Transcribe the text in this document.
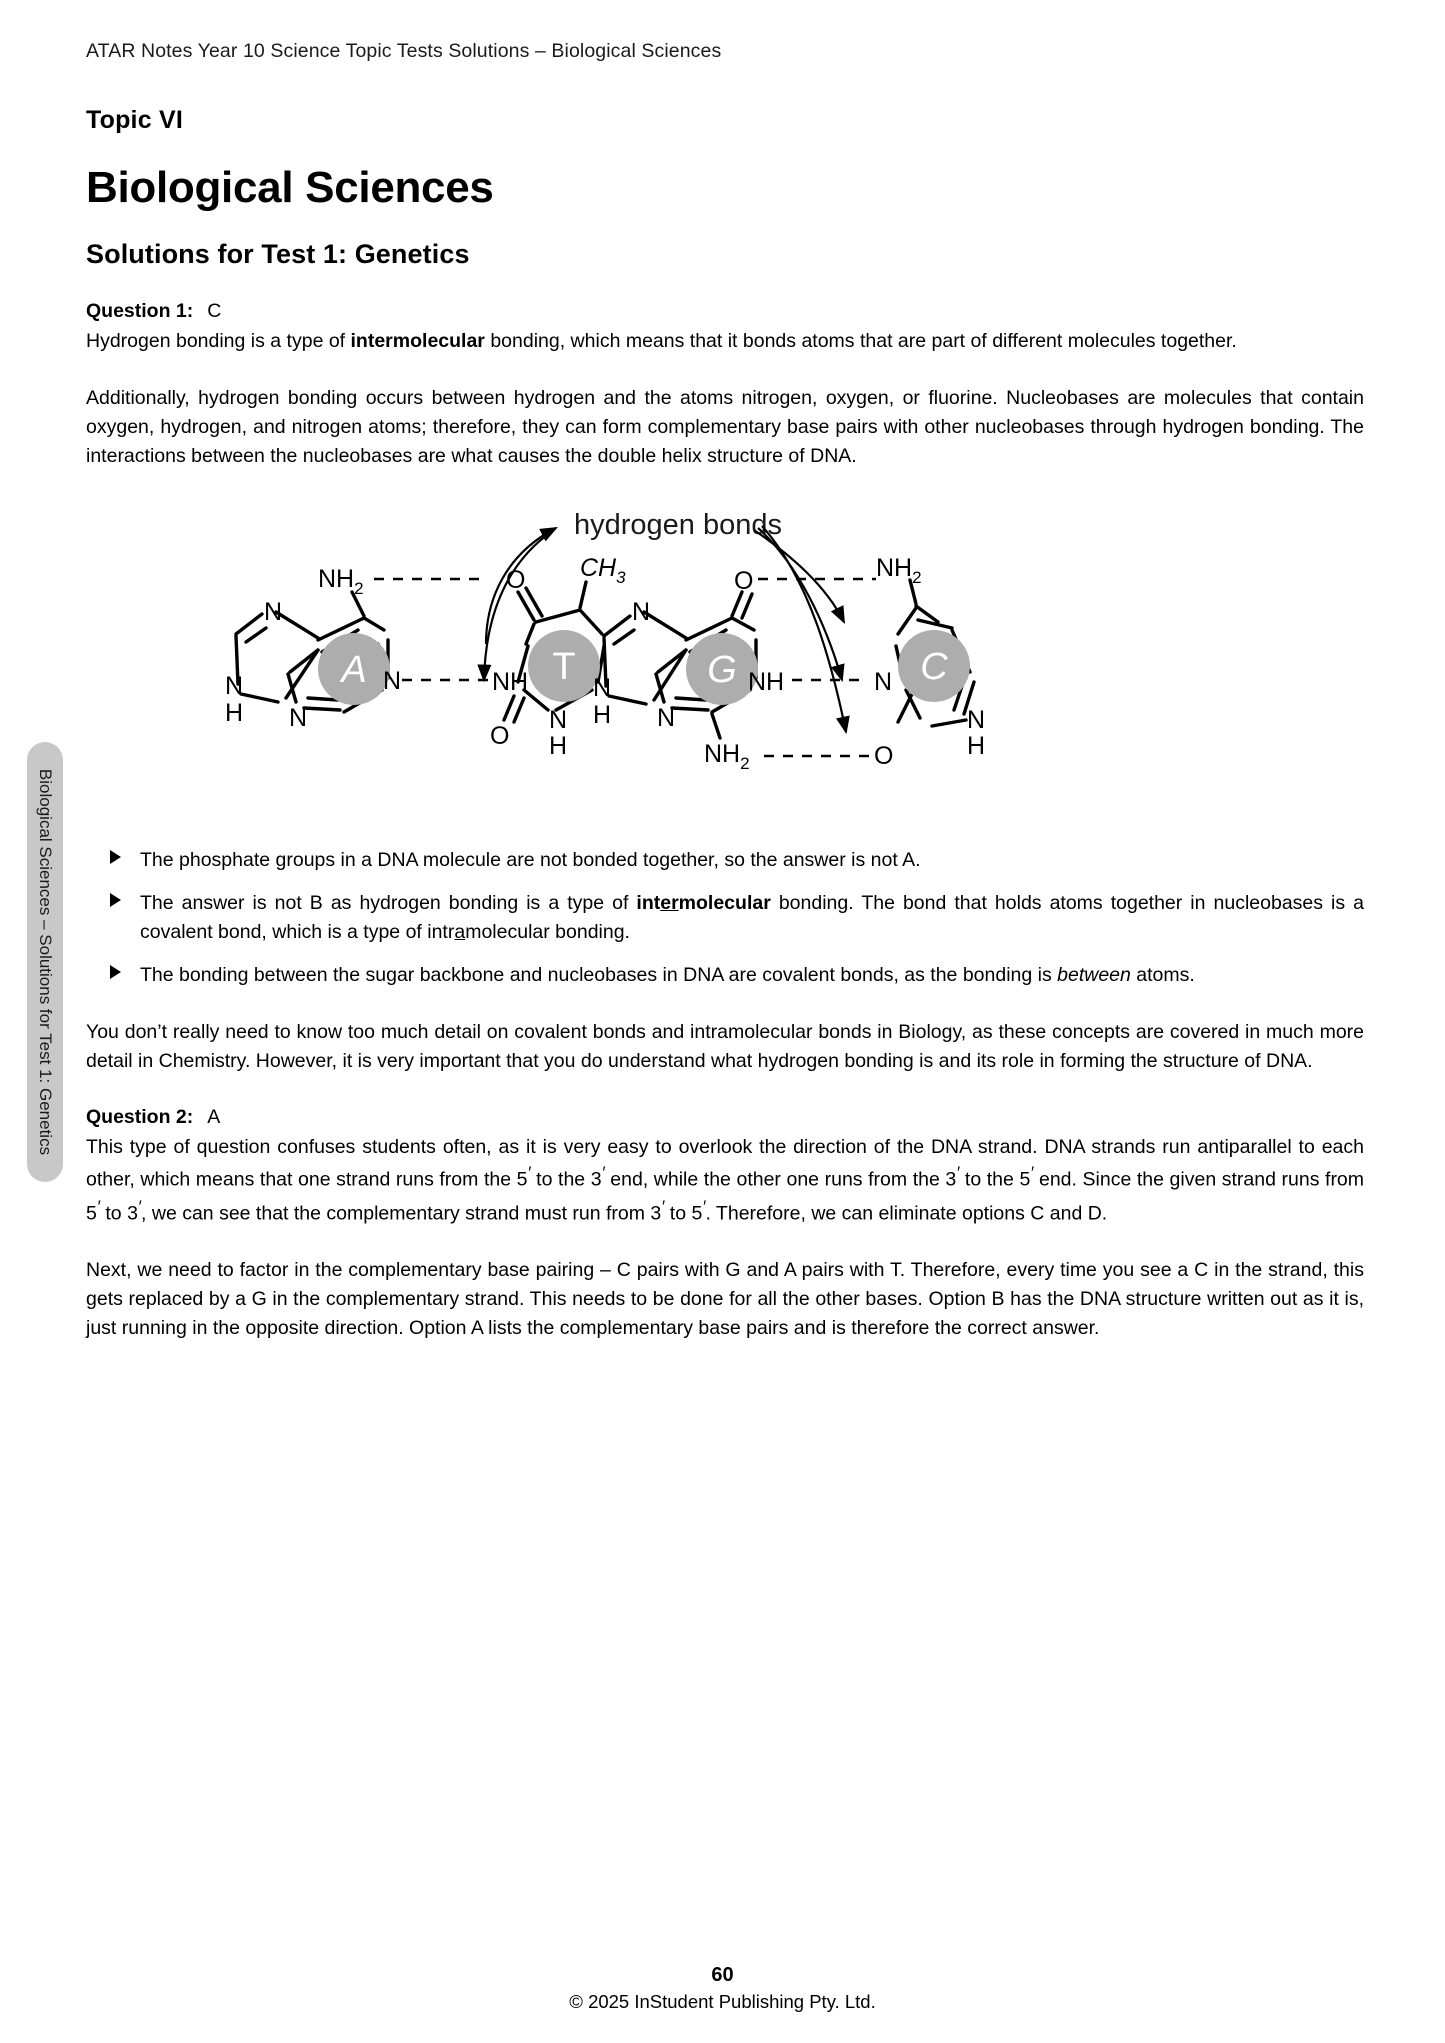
ATAR Notes Year 10 Science Topic Tests Solutions – Biological Sciences
Biological Sciences – Solutions for Test 1: Genetics
Topic VI
Biological Sciences
Solutions for Test 1: Genetics
Question 1: C

Hydrogen bonding is a type of intermolecular bonding, which means that it bonds atoms that are part of different molecules together.

Additionally, hydrogen bonding occurs between hydrogen and the atoms nitrogen, oxygen, or fluorine. Nucleobases are molecules that contain oxygen, hydrogen, and nitrogen atoms; therefore, they can form complementary base pairs with other nucleobases through hydrogen bonding. The interactions between the nucleobases are what causes the double helix structure of DNA.

hydrogen bonds
A
N
N
H N
N
$NH_2$
T
O
NH
N
H
O
$CH_3$
G
N
N
H N
O
NH
$NH_2$
C
$NH_2$
N
N
H
O
The phosphate groups in a DNA molecule are not bonded together, so the answer is not A.
The answer is not B as hydrogen bonding is a type of intermolecular bonding. The bond that holds atoms together in nucleobases is a covalent bond, which is a type of intramolecular bonding.
The bonding between the sugar backbone and nucleobases in DNA are covalent bonds, as the bonding is between atoms.

You don’t really need to know too much detail on covalent bonds and intramolecular bonds in Biology, as these concepts are covered in much more detail in Chemistry. However, it is very important that you do understand what hydrogen bonding is and its role in forming the structure of DNA.

Question 2: A

This type of question confuses students often, as it is very easy to overlook the direction of the DNA strand. DNA strands run antiparallel to each other, which means that one strand runs from the 5′ to the 3′ end, while the other one runs from the 3′ to the 5′ end. Since the given strand runs from 5′ to 3′, we can see that the complementary strand must run from 3′ to 5′. Therefore, we can eliminate options C and D.

Next, we need to factor in the complementary base pairing – C pairs with G and A pairs with T. Therefore, every time you see a C in the strand, this gets replaced by a G in the complementary strand. This needs to be done for all the other bases. Option B has the DNA structure written out as it is, just running in the opposite direction. Option A lists the complementary base pairs and is therefore the correct answer.

60
© 2025 InStudent Publishing Pty. Ltd.
